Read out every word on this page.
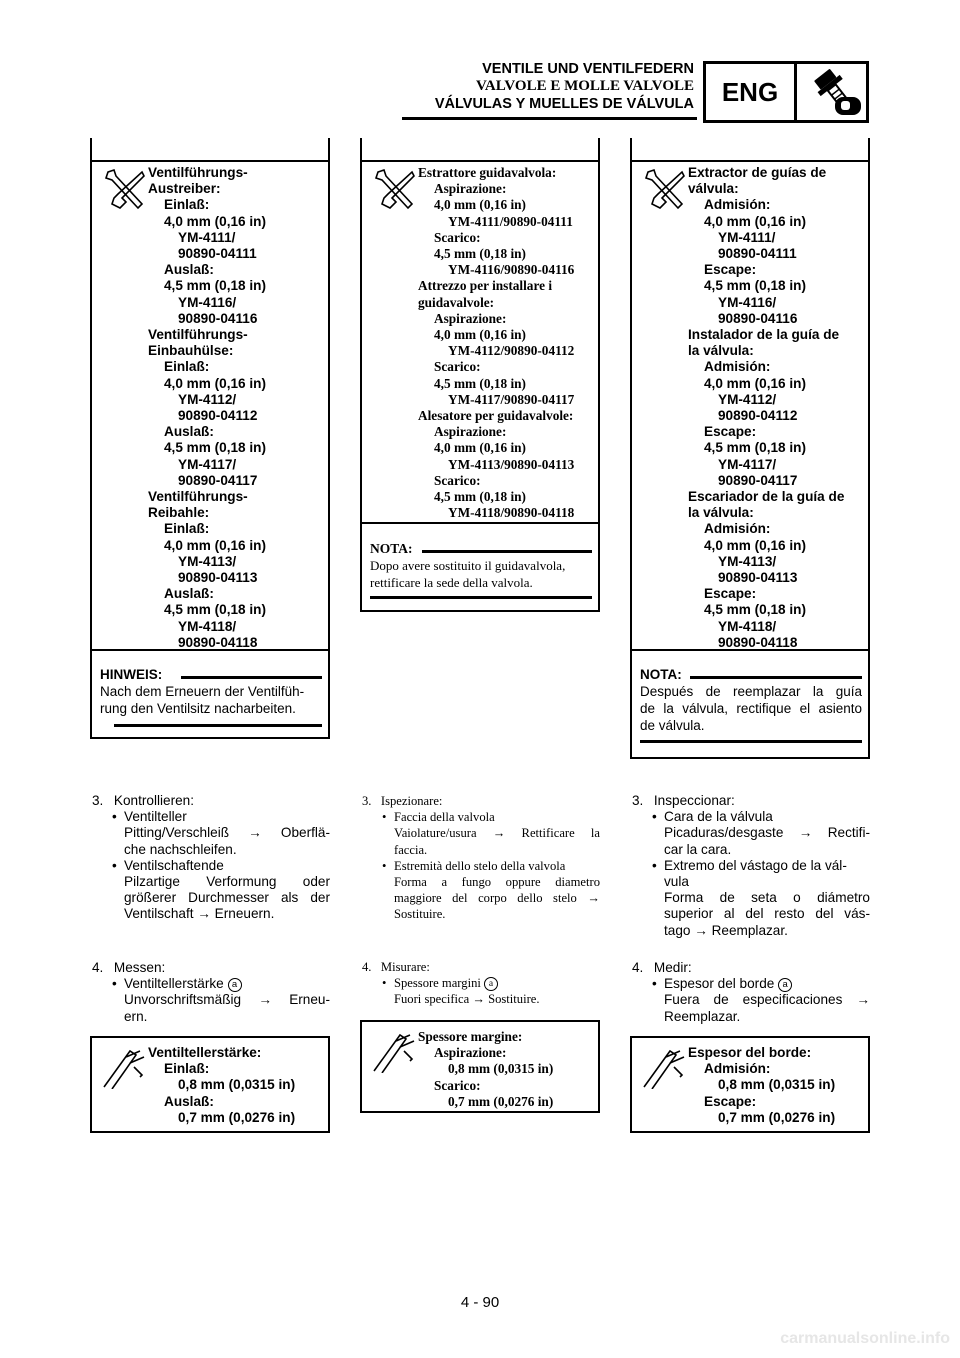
VENTILE UND VENTILFEDERN
VALVOLE E MOLLE VALVOLE
VÁLVULAS Y MUELLES DE VÁLVULA	ENG
Ventilführungs-
Austreiber:
Einlaß:
4,0 mm (0,16 in)
YM-4111/
90890-04111
Auslaß:
4,5 mm (0,18 in)
YM-4116/
90890-04116
Ventilführungs-
Einbauhülse:
Einlaß:
4,0 mm (0,16 in)
YM-4112/
90890-04112
Auslaß:
4,5 mm (0,18 in)
YM-4117/
90890-04117
Ventilführungs-
Reibahle:
Einlaß:
4,0 mm (0,16 in)
YM-4113/
90890-04113
Auslaß:
4,5 mm (0,18 in)
YM-4118/
90890-04118
HINWEIS:
Nach dem Erneuern der Ventilfüh-
rung den Ventilsitz nacharbeiten.
Estrattore guidavalvola:
Aspirazione:
4,0 mm (0,16 in)
YM-4111/90890-04111
Scarico:
4,5 mm (0,18 in)
YM-4116/90890-04116
Attrezzo per installare i
guidavalvole:
Aspirazione:
4,0 mm (0,16 in)
YM-4112/90890-04112
Scarico:
4,5 mm (0,18 in)
YM-4117/90890-04117
Alesatore per guidavalvole:
Aspirazione:
4,0 mm (0,16 in)
YM-4113/90890-04113
Scarico:
4,5 mm (0,18 in)
YM-4118/90890-04118
NOTA:
Dopo avere sostituito il guidavalvola,
rettificare la sede della valvola.
Extractor de guías de
válvula:
Admisión:
4,0 mm (0,16 in)
YM-4111/
90890-04111
Escape:
4,5 mm (0,18 in)
YM-4116/
90890-04116
Instalador de la guía de
la válvula:
Admisión:
4,0 mm (0,16 in)
YM-4112/
90890-04112
Escape:
4,5 mm (0,18 in)
YM-4117/
90890-04117
Escariador de la guía de
la válvula:
Admisión:
4,0 mm (0,16 in)
YM-4113/
90890-04113
Escape:
4,5 mm (0,18 in)
YM-4118/
90890-04118
NOTA:
Después de reemplazar la guía
de la válvula, rectifique el asiento
de válvula.
3.  Kontrollieren:
• Ventilteller
Pitting/Verschleiß → Oberflä-
che nachschleifen.
• Ventilschaftende
Pilzartige Verformung oder
größerer Durchmesser als der
Ventilschaft → Erneuern.
4.  Messen:
• Ventiltellerstärke a
Unvorschriftsmäßig → Erneu-
ern.
3.  Ispezionare:
• Faccia della valvola
Vaiolature/usura → Rettificare la
faccia.
• Estremità dello stelo della valvola
Forma a fungo oppure diametro
maggiore del corpo dello stelo →
Sostituire.
4.  Misurare:
• Spessore margini a
Fuori specifica → Sostituire.
3.  Inspeccionar:
• Cara de la válvula
Picaduras/desgaste → Rectifi-
car la cara.
• Extremo del vástago de la vál-
vula
Forma de seta o diámetro
superior al del resto del vás-
tago → Reemplazar.
4.  Medir:
• Espesor del borde a
Fuera de especificaciones →
Reemplazar.
Ventiltellerstärke:
Einlaß:
0,8 mm (0,0315 in)
Auslaß:
0,7 mm (0,0276 in)
Spessore margine:
Aspirazione:
0,8 mm (0,0315 in)
Scarico:
0,7 mm (0,0276 in)
Espesor del borde:
Admisión:
0,8 mm (0,0315 in)
Escape:
0,7 mm (0,0276 in)
4 - 90
carmanualsonline.info
